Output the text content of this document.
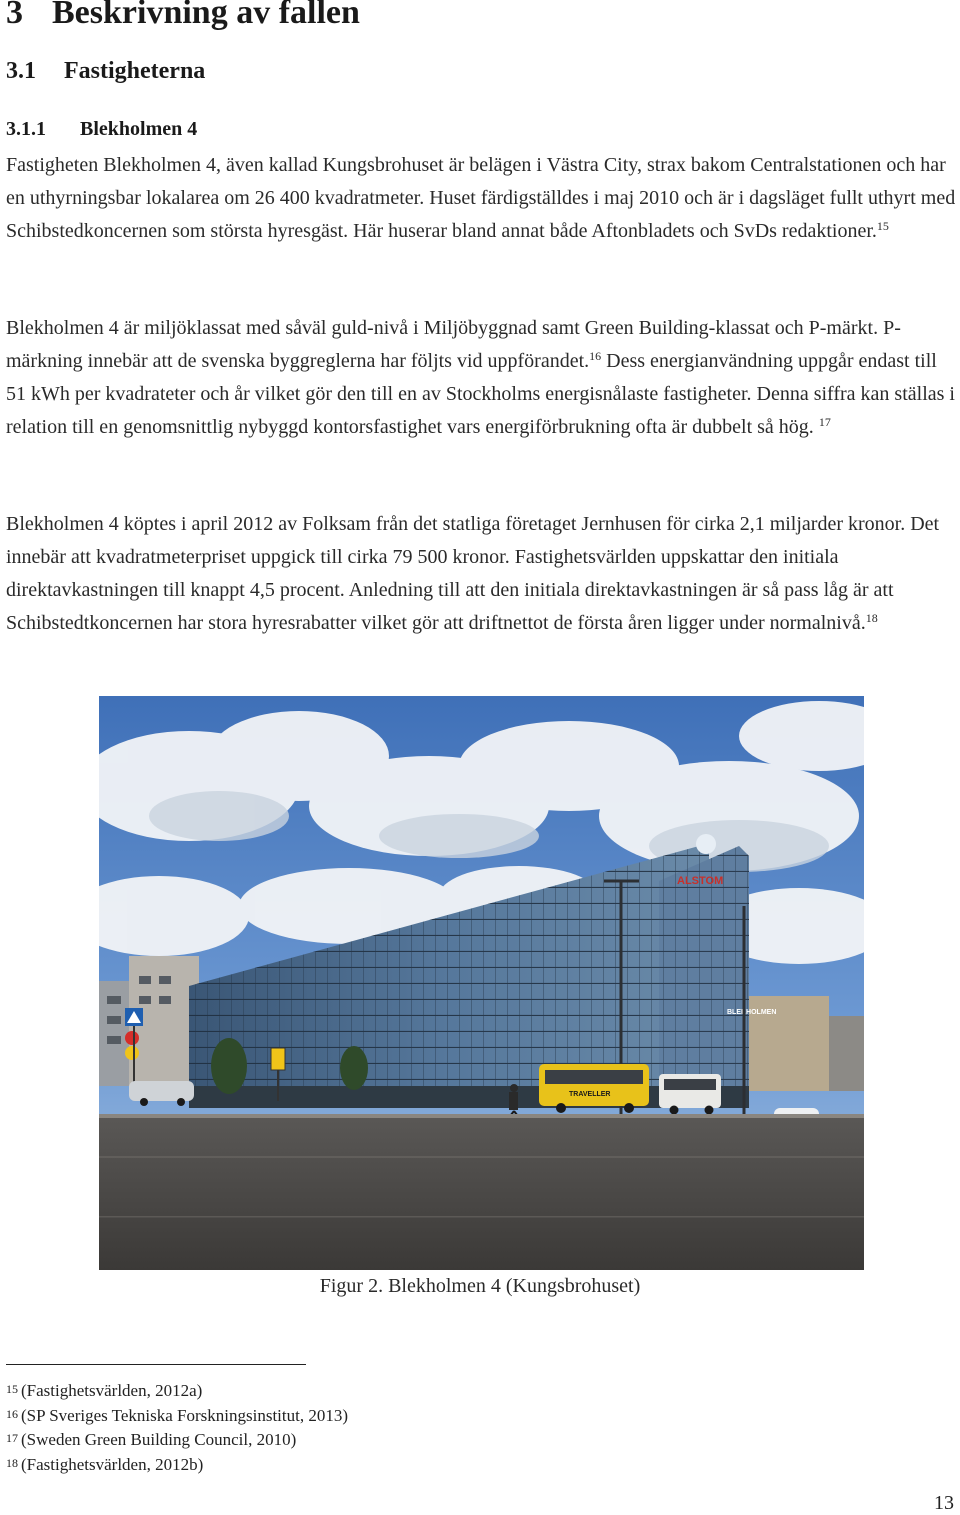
3 Beskrivning av fallen
3.1 Fastigheterna
3.1.1 Blekholmen 4

Fastigheten Blekholmen 4, även kallad Kungsbrohuset är belägen i Västra City, strax bakom Centralstationen och har en uthyrningsbar lokalarea om 26 400 kvadratmeter. Huset färdigställdes i maj 2010 och är i dagsläget fullt uthyrt med Schibstedkoncernen som största hyresgäst. Här huserar bland annat både Aftonbladets och SvDs redaktioner.$^{15}$

Blekholmen 4 är miljöklassat med såväl guld-nivå i Miljöbyggnad samt Green Building-klassat och P-märkt. P-märkning innebär att de svenska byggreglerna har följts vid uppförandet.$^{16}$ Dess energianvändning uppgår endast till 51 kWh per kvadrateter och år vilket gör den till en av Stockholms energisnålaste fastigheter. Denna siffra kan ställas i relation till en genomsnittlig nybyggd kontorsfastighet vars energiförbrukning ofta är dubbelt så hög. $^{17}$

Blekholmen 4 köptes i april 2012 av Folksam från det statliga företaget Jernhusen för cirka 2,1 miljarder kronor. Det innebär att kvadratmeterpriset uppgick till cirka 79 500 kronor. Fastighetsvärlden uppskattar den initiala direktavkastningen till knappt 4,5 procent. Anledning till att den initiala direktavkastningen är så pass låg är att Schibstedtkoncernen har stora hyresrabatter vilket gör att driftnettot de första åren ligger under normalnivå.$^{18}$

ALSTOM
BLEKHOLMEN
TRAVELLER
Figur 2. Blekholmen 4 (Kungsbrohuset)
15 (Fastighetsvärlden, 2012a)
16 (SP Sveriges Tekniska Forskningsinstitut, 2013)
17 (Sweden Green Building Council, 2010)
18 (Fastighetsvärlden, 2012b)
13
